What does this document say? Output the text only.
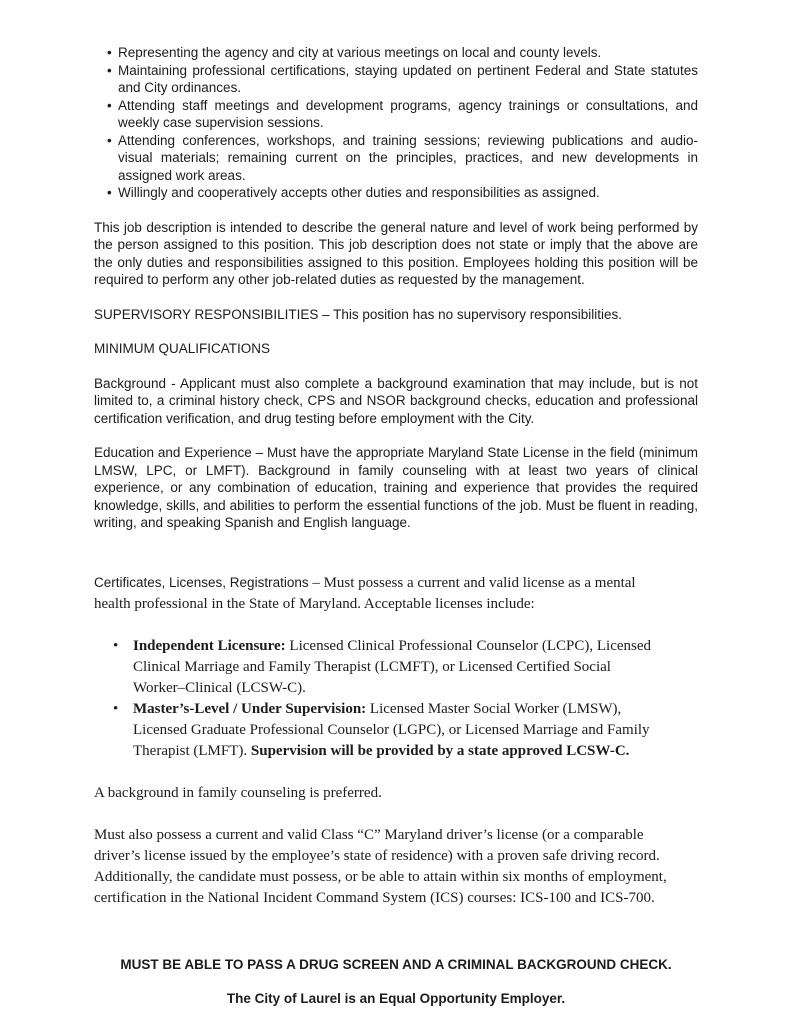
• Representing the agency and city at various meetings on local and county levels.
• Maintaining professional certifications, staying updated on pertinent Federal and State statutes and City ordinances.
• Attending staff meetings and development programs, agency trainings or consultations, and weekly case supervision sessions.
• Attending conferences, workshops, and training sessions; reviewing publications and audio-visual materials; remaining current on the principles, practices, and new developments in assigned work areas.
• Willingly and cooperatively accepts other duties and responsibilities as assigned.

This job description is intended to describe the general nature and level of work being performed by the person assigned to this position. This job description does not state or imply that the above are the only duties and responsibilities assigned to this position. Employees holding this position will be required to perform any other job-related duties as requested by the management.

SUPERVISORY RESPONSIBILITIES – This position has no supervisory responsibilities.

MINIMUM QUALIFICATIONS

Background - Applicant must also complete a background examination that may include, but is not limited to, a criminal history check, CPS and NSOR background checks, education and professional certification verification, and drug testing before employment with the City.

Education and Experience – Must have the appropriate Maryland State License in the field (minimum LMSW, LPC, or LMFT). Background in family counseling with at least two years of clinical experience, or any combination of education, training and experience that provides the required knowledge, skills, and abilities to perform the essential functions of the job. Must be fluent in reading, writing, and speaking Spanish and English language.

Certificates, Licenses, Registrations – Must possess a current and valid license as a mental health professional in the State of Maryland. Acceptable licenses include:

• Independent Licensure: Licensed Clinical Professional Counselor (LCPC), Licensed Clinical Marriage and Family Therapist (LCMFT), or Licensed Certified Social Worker–Clinical (LCSW-C).
• Master’s-Level / Under Supervision: Licensed Master Social Worker (LMSW), Licensed Graduate Professional Counselor (LGPC), or Licensed Marriage and Family Therapist (LMFT). Supervision will be provided by a state approved LCSW-C.

A background in family counseling is preferred.

Must also possess a current and valid Class “C” Maryland driver’s license (or a comparable driver’s license issued by the employee’s state of residence) with a proven safe driving record. Additionally, the candidate must possess, or be able to attain within six months of employment, certification in the National Incident Command System (ICS) courses: ICS-100 and ICS-700.

MUST BE ABLE TO PASS A DRUG SCREEN AND A CRIMINAL BACKGROUND CHECK.

The City of Laurel is an Equal Opportunity Employer.
